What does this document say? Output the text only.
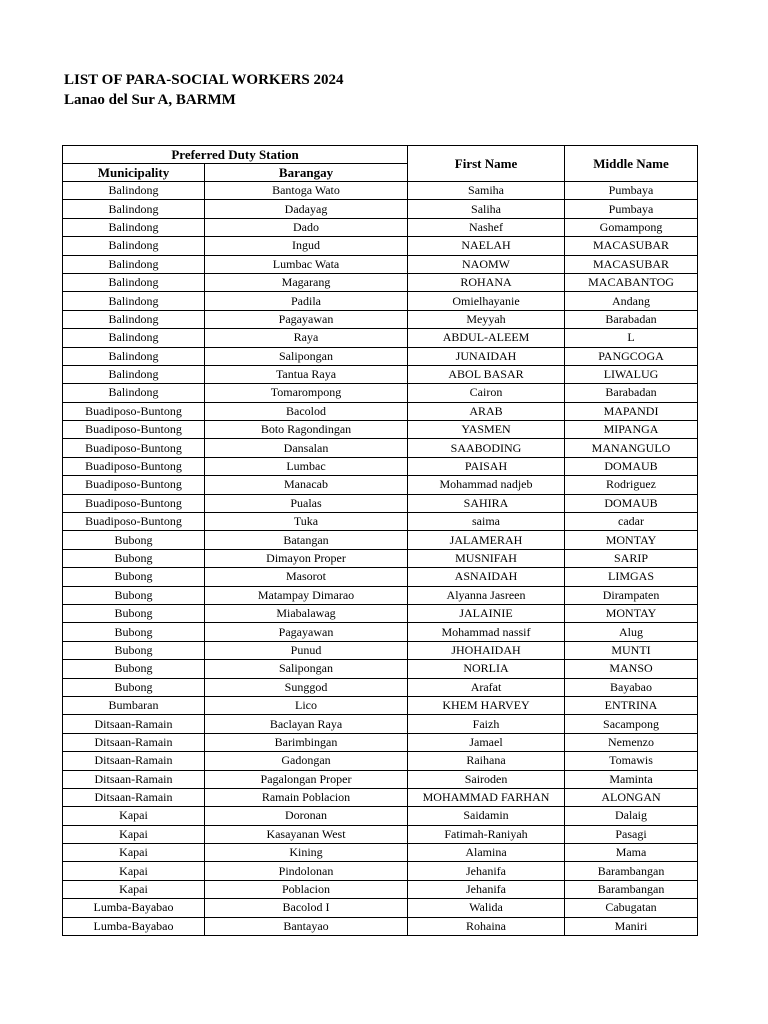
LIST OF PARA-SOCIAL WORKERS 2024
Lanao del Sur A, BARMM
Preferred Duty Station		First Name	Middle Name
Municipality	Barangay		
Balindong	Bantoga Wato	Samiha	Pumbaya
Balindong	Dadayag	Saliha	Pumbaya
Balindong	Dado	Nashef	Gomampong
Balindong	Ingud	NAELAH	MACASUBAR
Balindong	Lumbac Wata	NAOMW	MACASUBAR
Balindong	Magarang	ROHANA	MACABANTOG
Balindong	Padila	Omielhayanie	Andang
Balindong	Pagayawan	Meyyah	Barabadan
Balindong	Raya	ABDUL-ALEEM	L
Balindong	Salipongan	JUNAIDAH	PANGCOGA
Balindong	Tantua Raya	ABOL BASAR	LIWALUG
Balindong	Tomarompong	Cairon	Barabadan
Buadiposo-Buntong	Bacolod	ARAB	MAPANDI
Buadiposo-Buntong	Boto Ragondingan	YASMEN	MIPANGA
Buadiposo-Buntong	Dansalan	SAABODING	MANANGULO
Buadiposo-Buntong	Lumbac	PAISAH	DOMAUB
Buadiposo-Buntong	Manacab	Mohammad nadjeb	Rodriguez
Buadiposo-Buntong	Pualas	SAHIRA	DOMAUB
Buadiposo-Buntong	Tuka	saima	cadar
Bubong	Batangan	JALAMERAH	MONTAY
Bubong	Dimayon Proper	MUSNIFAH	SARIP
Bubong	Masorot	ASNAIDAH	LIMGAS
Bubong	Matampay Dimarao	Alyanna Jasreen	Dirampaten
Bubong	Miabalawag	JALAINIE	MONTAY
Bubong	Pagayawan	Mohammad nassif	Alug
Bubong	Punud	JHOHAIDAH	MUNTI
Bubong	Salipongan	NORLIA	MANSO
Bubong	Sunggod	Arafat	Bayabao
Bumbaran	Lico	KHEM HARVEY	ENTRINA
Ditsaan-Ramain	Baclayan Raya	Faizh	Sacampong
Ditsaan-Ramain	Barimbingan	Jamael	Nemenzo
Ditsaan-Ramain	Gadongan	Raihana	Tomawis
Ditsaan-Ramain	Pagalongan Proper	Sairoden	Maminta
Ditsaan-Ramain	Ramain Poblacion	MOHAMMAD FARHAN	ALONGAN
Kapai	Doronan	Saidamin	Dalaig
Kapai	Kasayanan West	Fatimah-Raniyah	Pasagi
Kapai	Kining	Alamina	Mama
Kapai	Pindolonan	Jehanifa	Barambangan
Kapai	Poblacion	Jehanifa	Barambangan
Lumba-Bayabao	Bacolod I	Walida	Cabugatan
Lumba-Bayabao	Bantayao	Rohaina	Maniri
